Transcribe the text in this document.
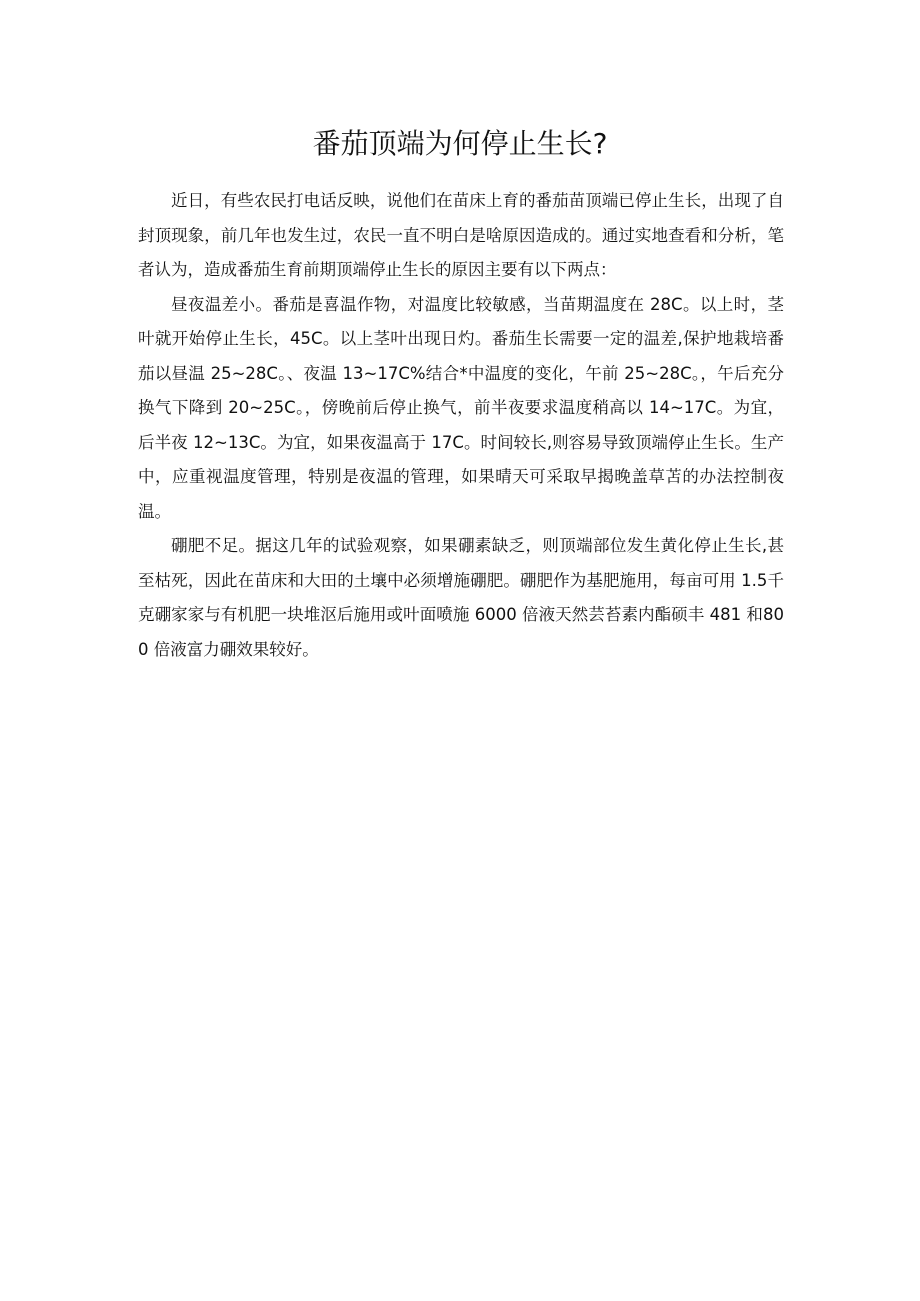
番茄顶端为何停止生长?

近日，有些农民打电话反映，说他们在苗床上育的番茄苗顶端已停止生长，出现了自封顶现象，前几年也发生过，农民一直不明白是啥原因造成的。通过实地查看和分析，笔者认为，造成番茄生育前期顶端停止生长的原因主要有以下两点：

昼夜温差小。番茄是喜温作物，对温度比较敏感，当苗期温度在 28C。以上时，茎叶就开始停止生长，45C。以上茎叶出现日灼。番茄生长需要一定的温差,保护地栽培番茄以昼温 25~28C。、夜温 13~17C%结合*中温度的变化，午前 25~28C。，午后充分换气下降到 20~25C。，傍晚前后停止换气，前半夜要求温度稍高以 14~17C。为宜，后半夜 12~13C。为宜，如果夜温高于 17C。时间较长,则容易导致顶端停止生长。生产中，应重视温度管理，特别是夜温的管理，如果晴天可采取早揭晚盖草苫的办法控制夜温。

硼肥不足。据这几年的试验观察，如果硼素缺乏，则顶端部位发生黄化停止生长,甚至枯死，因此在苗床和大田的土壤中必须增施硼肥。硼肥作为基肥施用，每亩可用 1.5千克硼家家与有机肥一块堆沤后施用或叶面喷施 6000 倍液天然芸苔素内酯硕丰 481 和800 倍液富力硼效果较好。
